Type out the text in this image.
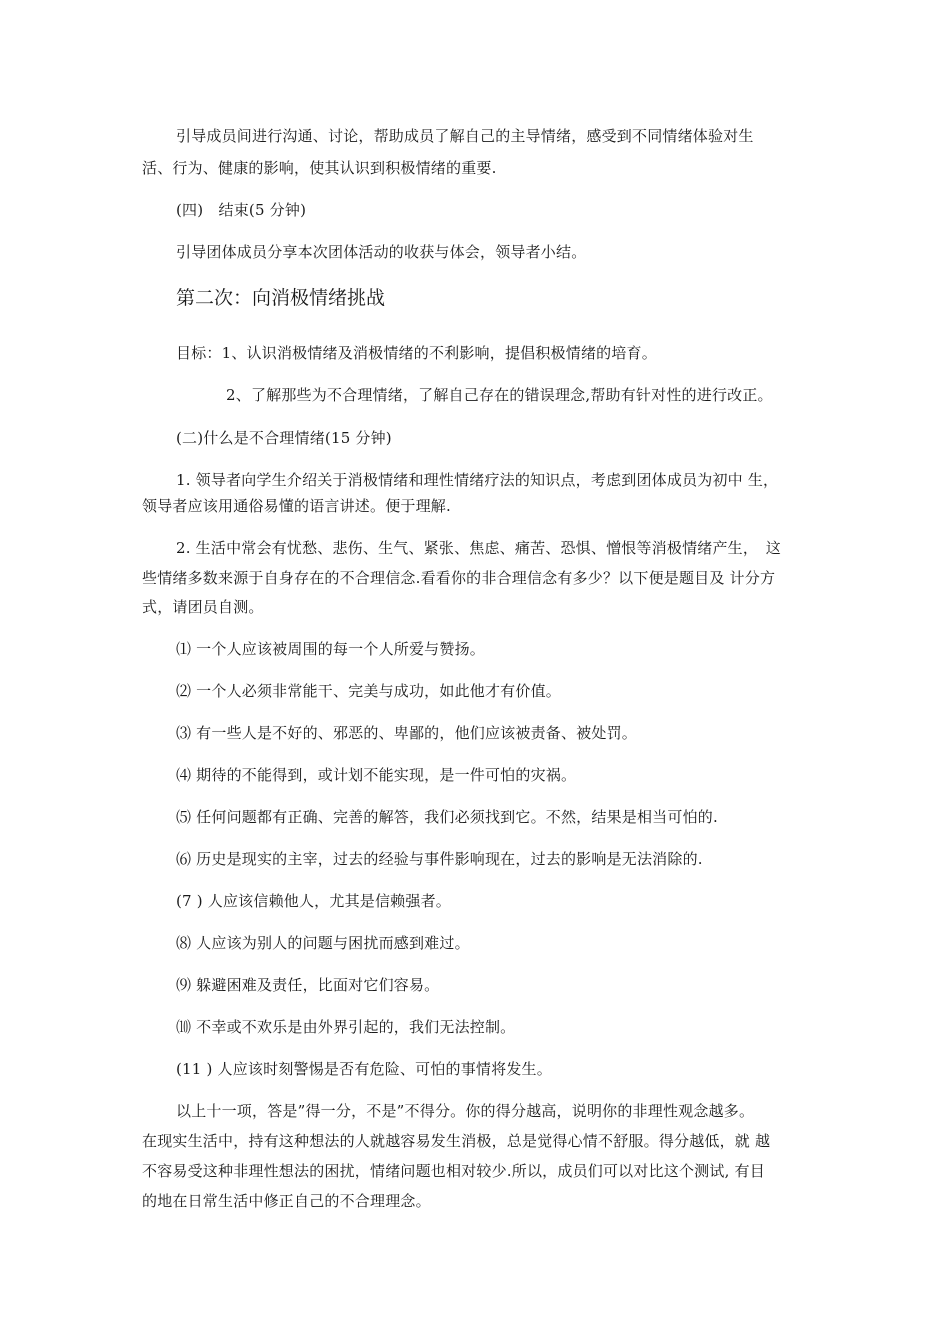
引导成员间进行沟通、讨论，帮助成员了解自己的主导情绪，感受到不同情绪体验对生
活、行为、健康的影响，使其认识到积极情绪的重要.
(四)　结束(5 分钟)
引导团体成员分享本次团体活动的收获与体会，领导者小结。
第二次：向消极情绪挑战
目标：1、认识消极情绪及消极情绪的不利影响，提倡积极情绪的培育。
2、了解那些为不合理情绪，了解自己存在的错误理念,帮助有针对性的进行改正。
(二)什么是不合理情绪(15 分钟)
1. 领导者向学生介绍关于消极情绪和理性情绪疗法的知识点，考虑到团体成员为初中 生，
领导者应该用通俗易懂的语言讲述。便于理解.
2. 生活中常会有忧愁、悲伤、生气、紧张、焦虑、痛苦、恐惧、憎恨等消极情绪产生，　这
些情绪多数来源于自身存在的不合理信念.看看你的非合理信念有多少？以下便是题目及 计分方
式，请团员自测。
⑴ 一个人应该被周围的每一个人所爱与赞扬。
⑵ 一个人必须非常能干、完美与成功，如此他才有价值。
⑶ 有一些人是不好的、邪恶的、卑鄙的，他们应该被责备、被处罚。
⑷ 期待的不能得到，或计划不能实现，是一件可怕的灾祸。
⑸ 任何问题都有正确、完善的解答，我们必须找到它。不然，结果是相当可怕的.
⑹ 历史是现实的主宰，过去的经验与事件影响现在，过去的影响是无法消除的.
(7 ) 人应该信赖他人，尤其是信赖强者。
⑻ 人应该为别人的问题与困扰而感到难过。
⑼ 躲避困难及责任，比面对它们容易。
⑽ 不幸或不欢乐是由外界引起的，我们无法控制。
(11 ) 人应该时刻警惕是否有危险、可怕的事情将发生。
以上十一项，答是”得一分，不是”不得分。你的得分越高，说明你的非理性观念越多。
在现实生活中，持有这种想法的人就越容易发生消极，总是觉得心情不舒服。得分越低，就 越
不容易受这种非理性想法的困扰，情绪问题也相对较少.所以，成员们可以对比这个测试, 有目
的地在日常生活中修正自己的不合理理念。
